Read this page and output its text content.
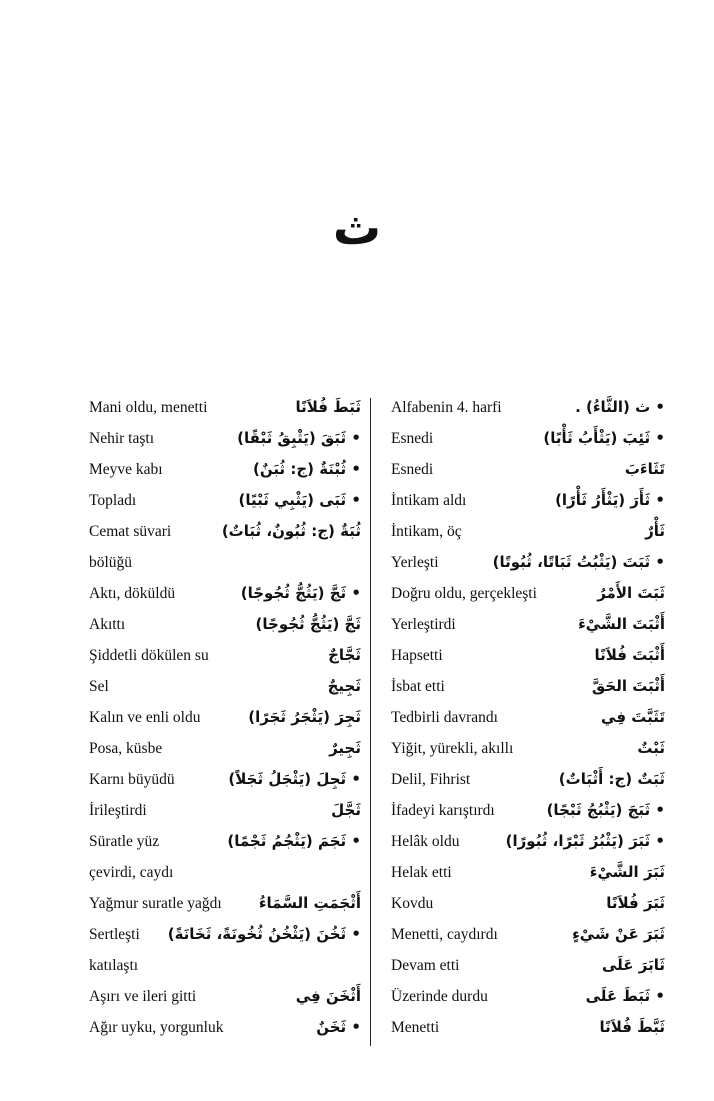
ث
Mani oldu, menetti	ثَبَطَ فُلاَنًا
Nehir taştı	• ثَبَقَ (يَثْبِقُ ثَبْقًا)
Meyve kabı	• ثُبْنَةٌ (ج: ثُبَنٌ)
Topladı	• ثَبَى (يَثْبِي ثَبْيًا)
Cemat süvari	ثُبَةٌ (ج: ثُبُونٌ، ثُبَاتٌ)
bölüğü
Aktı, döküldü	• ثَجَّ (يَثُجُّ ثُجُوجًا)
Akıttı	ثَجَّ (يَثُجُّ ثُجُوجًا)
Şiddetli dökülen su	ثَجَّاجٌ
Sel	ثَجِيجٌ
Kalın ve enli oldu	ثَجِرَ (يَثْجَرُ ثَجَرًا)
Posa, küsbe	ثَجِيرٌ
Karnı büyüdü	• ثَجِلَ (يَثْجَلُ ثَجَلاً)
İrileştirdi	ثَجَّلَ
Süratle yüz	• ثَجَمَ (يَثْجُمُ ثَجْمًا)
çevirdi, caydı
Yağmur suratle yağdı أَثْجَمَتِ السَّمَاءُ
Sertleşti • ثَخُنَ (يَثْخُنُ ثُخُونَةً، ثَخَانَةً)
katılaştı
Aşırı ve ileri gitti	أَثْخَنَ فِي
Ağır uyku, yorgunluk	• ثَخَنٌ
Alfabenin 4. harfi	• ث (الثَّاءُ) .
Esnedi	• ثَئِبَ (يَثْأَبُ ثَأْبًا)
Esnedi	تَثَاءَبَ
İntikam aldı	• ثَأَرَ (يَثْأَرُ ثَأْرًا)
İntikam, öç	ثَأْرٌ
Yerleşti	• ثَبَتَ (يَثْبُتُ ثَبَاتًا، ثُبُوتًا)
Doğru oldu, gerçekleşti	ثَبَتَ الأَمْرُ
Yerleştirdi	أَثْبَتَ الشَّيْءَ
Hapsetti	أَثْبَتَ فُلاَنًا
İsbat etti	أَثْبَتَ الحَقَّ
Tedbirli davrandı	تَثَبَّتَ فِي
Yiğit, yürekli, akıllı	ثَبْتٌ
Delil, Fihrist	ثَبَتٌ (ج: أَثْبَاتٌ)
İfadeyi karıştırdı	• ثَبَجَ (يَثْبُجُ ثَبْجًا)
Helâk oldu	• ثَبَرَ (يَثْبُرُ ثَبْرًا، ثُبُورًا)
Helak etti	ثَبَرَ الشَّيْءَ
Kovdu	ثَبَرَ فُلاَنًا
Menetti, caydırdı	ثَبَرَ عَنْ شَيْءٍ
Devam etti	ثَابَرَ عَلَى
Üzerinde durdu	• ثَبَطَ عَلَى
Menetti	ثَبَّطَ فُلاَنًا
